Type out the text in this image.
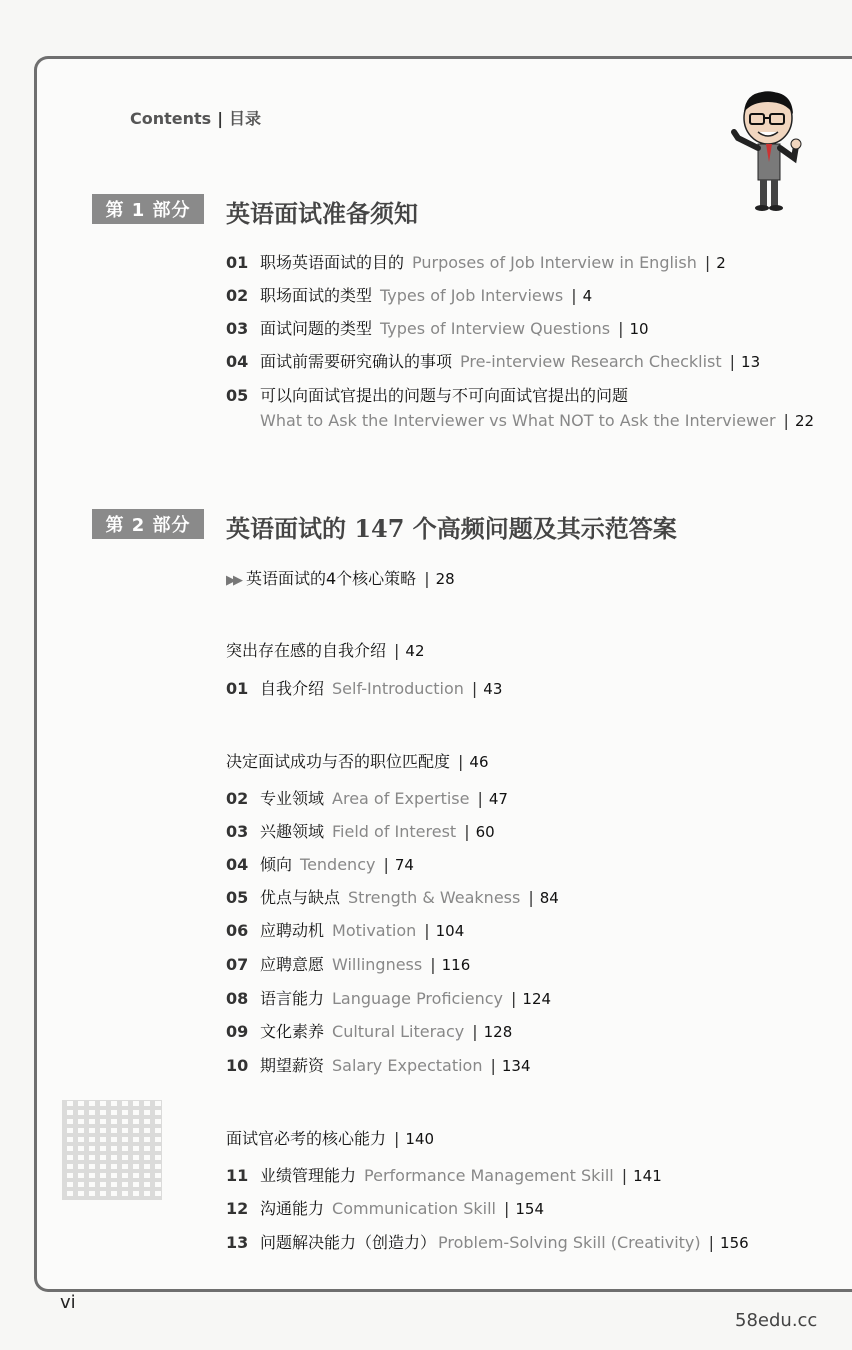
Contents | 目录
第 1 部分	英语面试准备须知
01 职场英语面试的目的 Purposes of Job Interview in English | 2
02 职场面试的类型 Types of Job Interviews | 4
03 面试问题的类型 Types of Interview Questions | 10
04 面试前需要研究确认的事项 Pre-interview Research Checklist | 13
05 可以向面试官提出的问题与不可向面试官提出的问题
What to Ask the Interviewer vs What NOT to Ask the Interviewer | 22
第 2 部分	英语面试的 147 个高频问题及其示范答案
▶▶ 英语面试的4个核心策略 | 28
突出存在感的自我介绍 | 42
01 自我介绍 Self-Introduction | 43
决定面试成功与否的职位匹配度 | 46
02 专业领域 Area of Expertise | 47
03 兴趣领域 Field of Interest | 60
04 倾向 Tendency | 74
05 优点与缺点 Strength & Weakness | 84
06 应聘动机 Motivation | 104
07 应聘意愿 Willingness | 116
08 语言能力 Language Proficiency | 124
09 文化素养 Cultural Literacy | 128
10 期望薪资 Salary Expectation | 134
面试官必考的核心能力 | 140
11 业绩管理能力 Performance Management Skill | 141
12 沟通能力 Communication Skill | 154
13 问题解决能力（创造力） Problem-Solving Skill (Creativity) | 156
vi
58edu.cc
